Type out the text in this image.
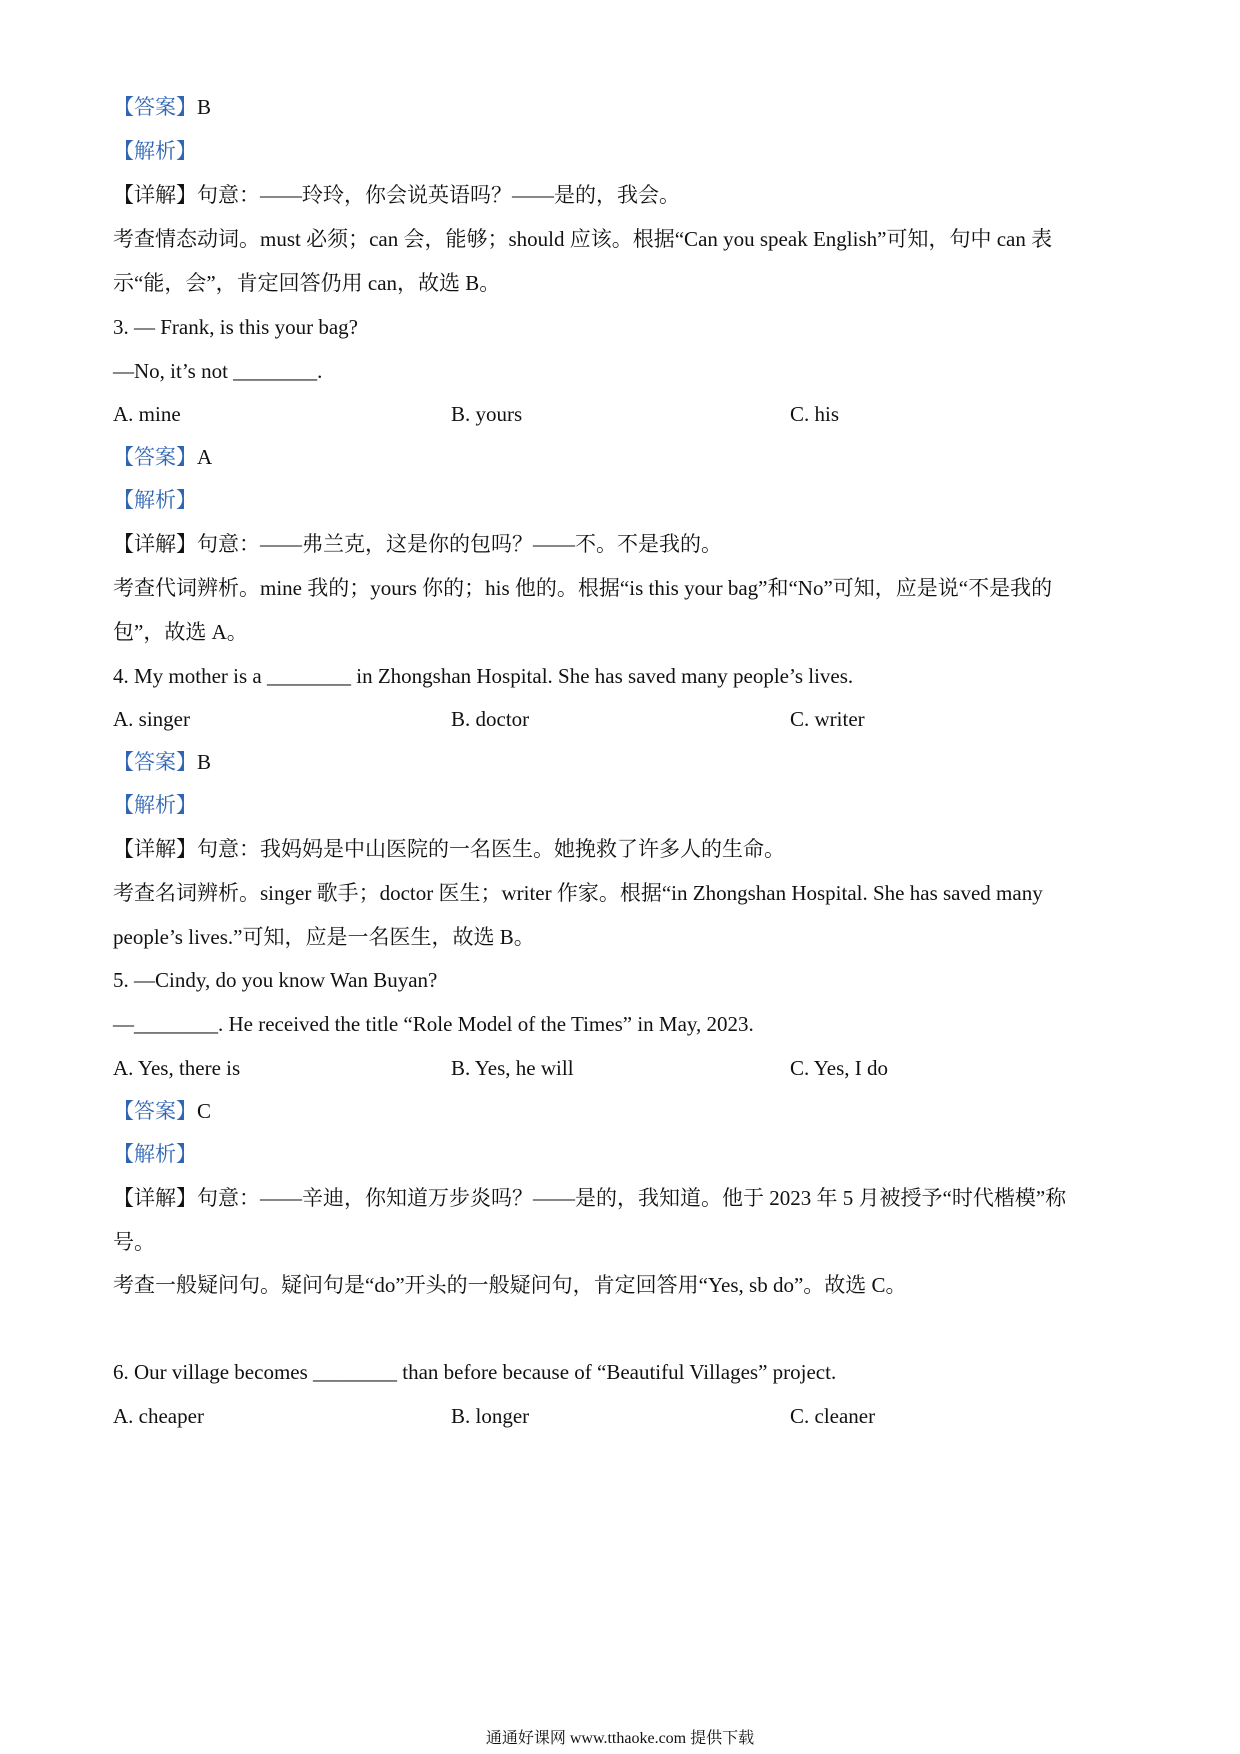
【答案】B
【解析】
【详解】句意：——玲玲，你会说英语吗？——是的，我会。
考查情态动词。must 必须；can 会，能够；should 应该。根据“Can you speak English”可知，句中 can 表
示“能，会”，肯定回答仍用 can，故选 B。
3. — Frank, is this your bag?
—No, it’s not ________.
A. mine	B. yours	C. his
【答案】A
【解析】
【详解】句意：——弗兰克，这是你的包吗？——不。不是我的。
考查代词辨析。mine 我的；yours 你的；his 他的。根据“is this your bag”和“No”可知，应是说“不是我的
包”，故选 A。
4. My mother is a ________ in Zhongshan Hospital. She has saved many people’s lives.
A. singer	B. doctor	C. writer
【答案】B
【解析】
【详解】句意：我妈妈是中山医院的一名医生。她挽救了许多人的生命。
考查名词辨析。singer 歌手；doctor 医生；writer 作家。根据“in Zhongshan Hospital. She has saved many
people’s lives.”可知，应是一名医生，故选 B。
5. —Cindy, do you know Wan Buyan?
—________. He received the title “Role Model of the Times” in May, 2023.
A. Yes, there is	B. Yes, he will	C. Yes, I do
【答案】C
【解析】
【详解】句意：——辛迪，你知道万步炎吗？——是的，我知道。他于 2023 年 5 月被授予“时代楷模”称
号。
考查一般疑问句。疑问句是“do”开头的一般疑问句，肯定回答用“Yes, sb do”。故选 C。
6. Our village becomes ________ than before because of “Beautiful Villages” project.
A. cheaper	B. longer	C. cleaner
通通好课网 www.tthaoke.com 提供下载
